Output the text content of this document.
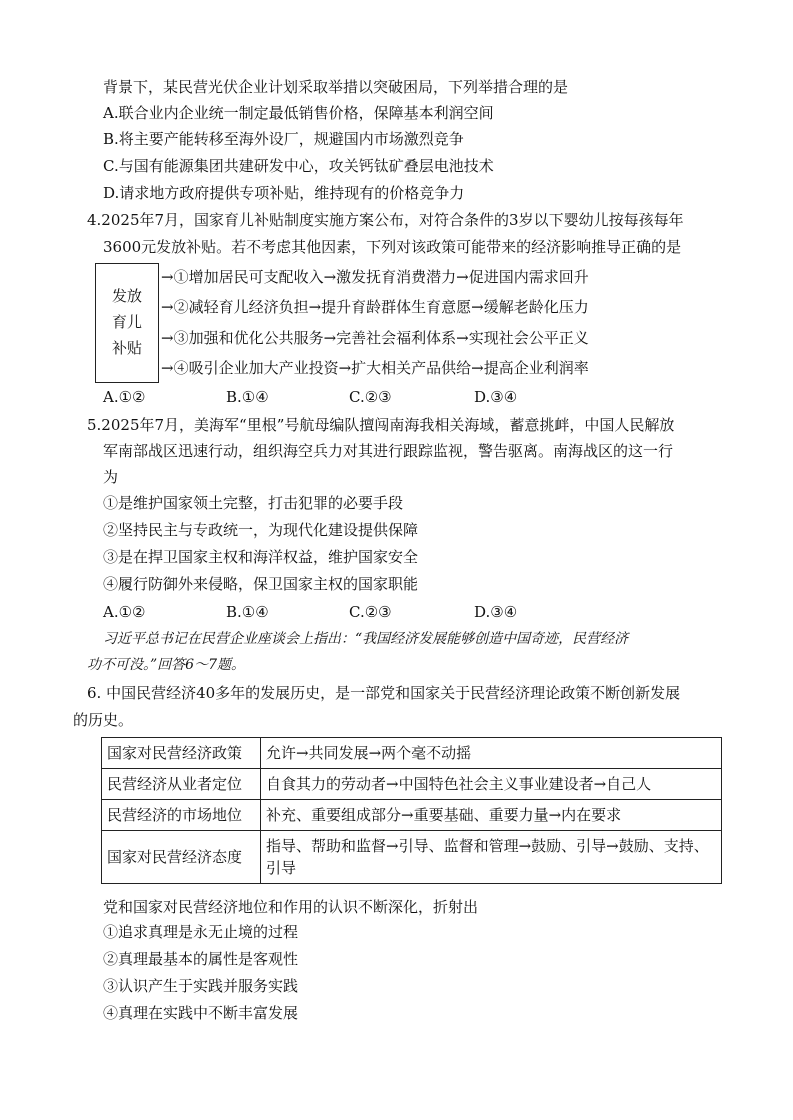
背景下，某民营光伏企业计划采取举措以突破困局，下列举措合理的是
A.联合业内企业统一制定最低销售价格，保障基本利润空间
B.将主要产能转移至海外设厂，规避国内市场激烈竞争
C.与国有能源集团共建研发中心，攻关钙钛矿叠层电池技术
D.请求地方政府提供专项补贴，维持现有的价格竞争力
4.2025年7月，国家育儿补贴制度实施方案公布，对符合条件的3岁以下婴幼儿按每孩每年
3600元发放补贴。若不考虑其他因素，下列对该政策可能带来的经济影响推导正确的是
发放
育儿
补贴
→①增加居民可支配收入→激发抚育消费潜力→促进国内需求回升
→②减轻育儿经济负担→提升育龄群体生育意愿→缓解老龄化压力
→③加强和优化公共服务→完善社会福利体系→实现社会公平正义
→④吸引企业加大产业投资→扩大相关产品供给→提高企业利润率
A.①②	B.①④	C.②③	D.③④
5.2025年7月，美海军“里根”号航母编队擅闯南海我相关海域，蓄意挑衅，中国人民解放
军南部战区迅速行动，组织海空兵力对其进行跟踪监视，警告驱离。南海战区的这一行
为
①是维护国家领土完整，打击犯罪的必要手段
②坚持民主与专政统一，为现代化建设提供保障
③是在捍卫国家主权和海洋权益，维护国家安全
④履行防御外来侵略，保卫国家主权的国家职能
A.①②	B.①④	C.②③	D.③④
习近平总书记在民营企业座谈会上指出：“我国经济发展能够创造中国奇迹，民营经济
功不可没。”回答6～7题。
6. 中国民营经济40多年的发展历史，是一部党和国家关于民营经济理论政策不断创新发展
的历史。
国家对民营经济政策	允许→共同发展→两个毫不动摇
民营经济从业者定位	自食其力的劳动者→中国特色社会主义事业建设者→自己人
民营经济的市场地位	补充、重要组成部分→重要基础、重要力量→内在要求
国家对民营经济态度	指导、帮助和监督→引导、监督和管理→鼓励、引导→鼓励、支持、引导
党和国家对民营经济地位和作用的认识不断深化，折射出
①追求真理是永无止境的过程
②真理最基本的属性是客观性
③认识产生于实践并服务实践
④真理在实践中不断丰富发展
